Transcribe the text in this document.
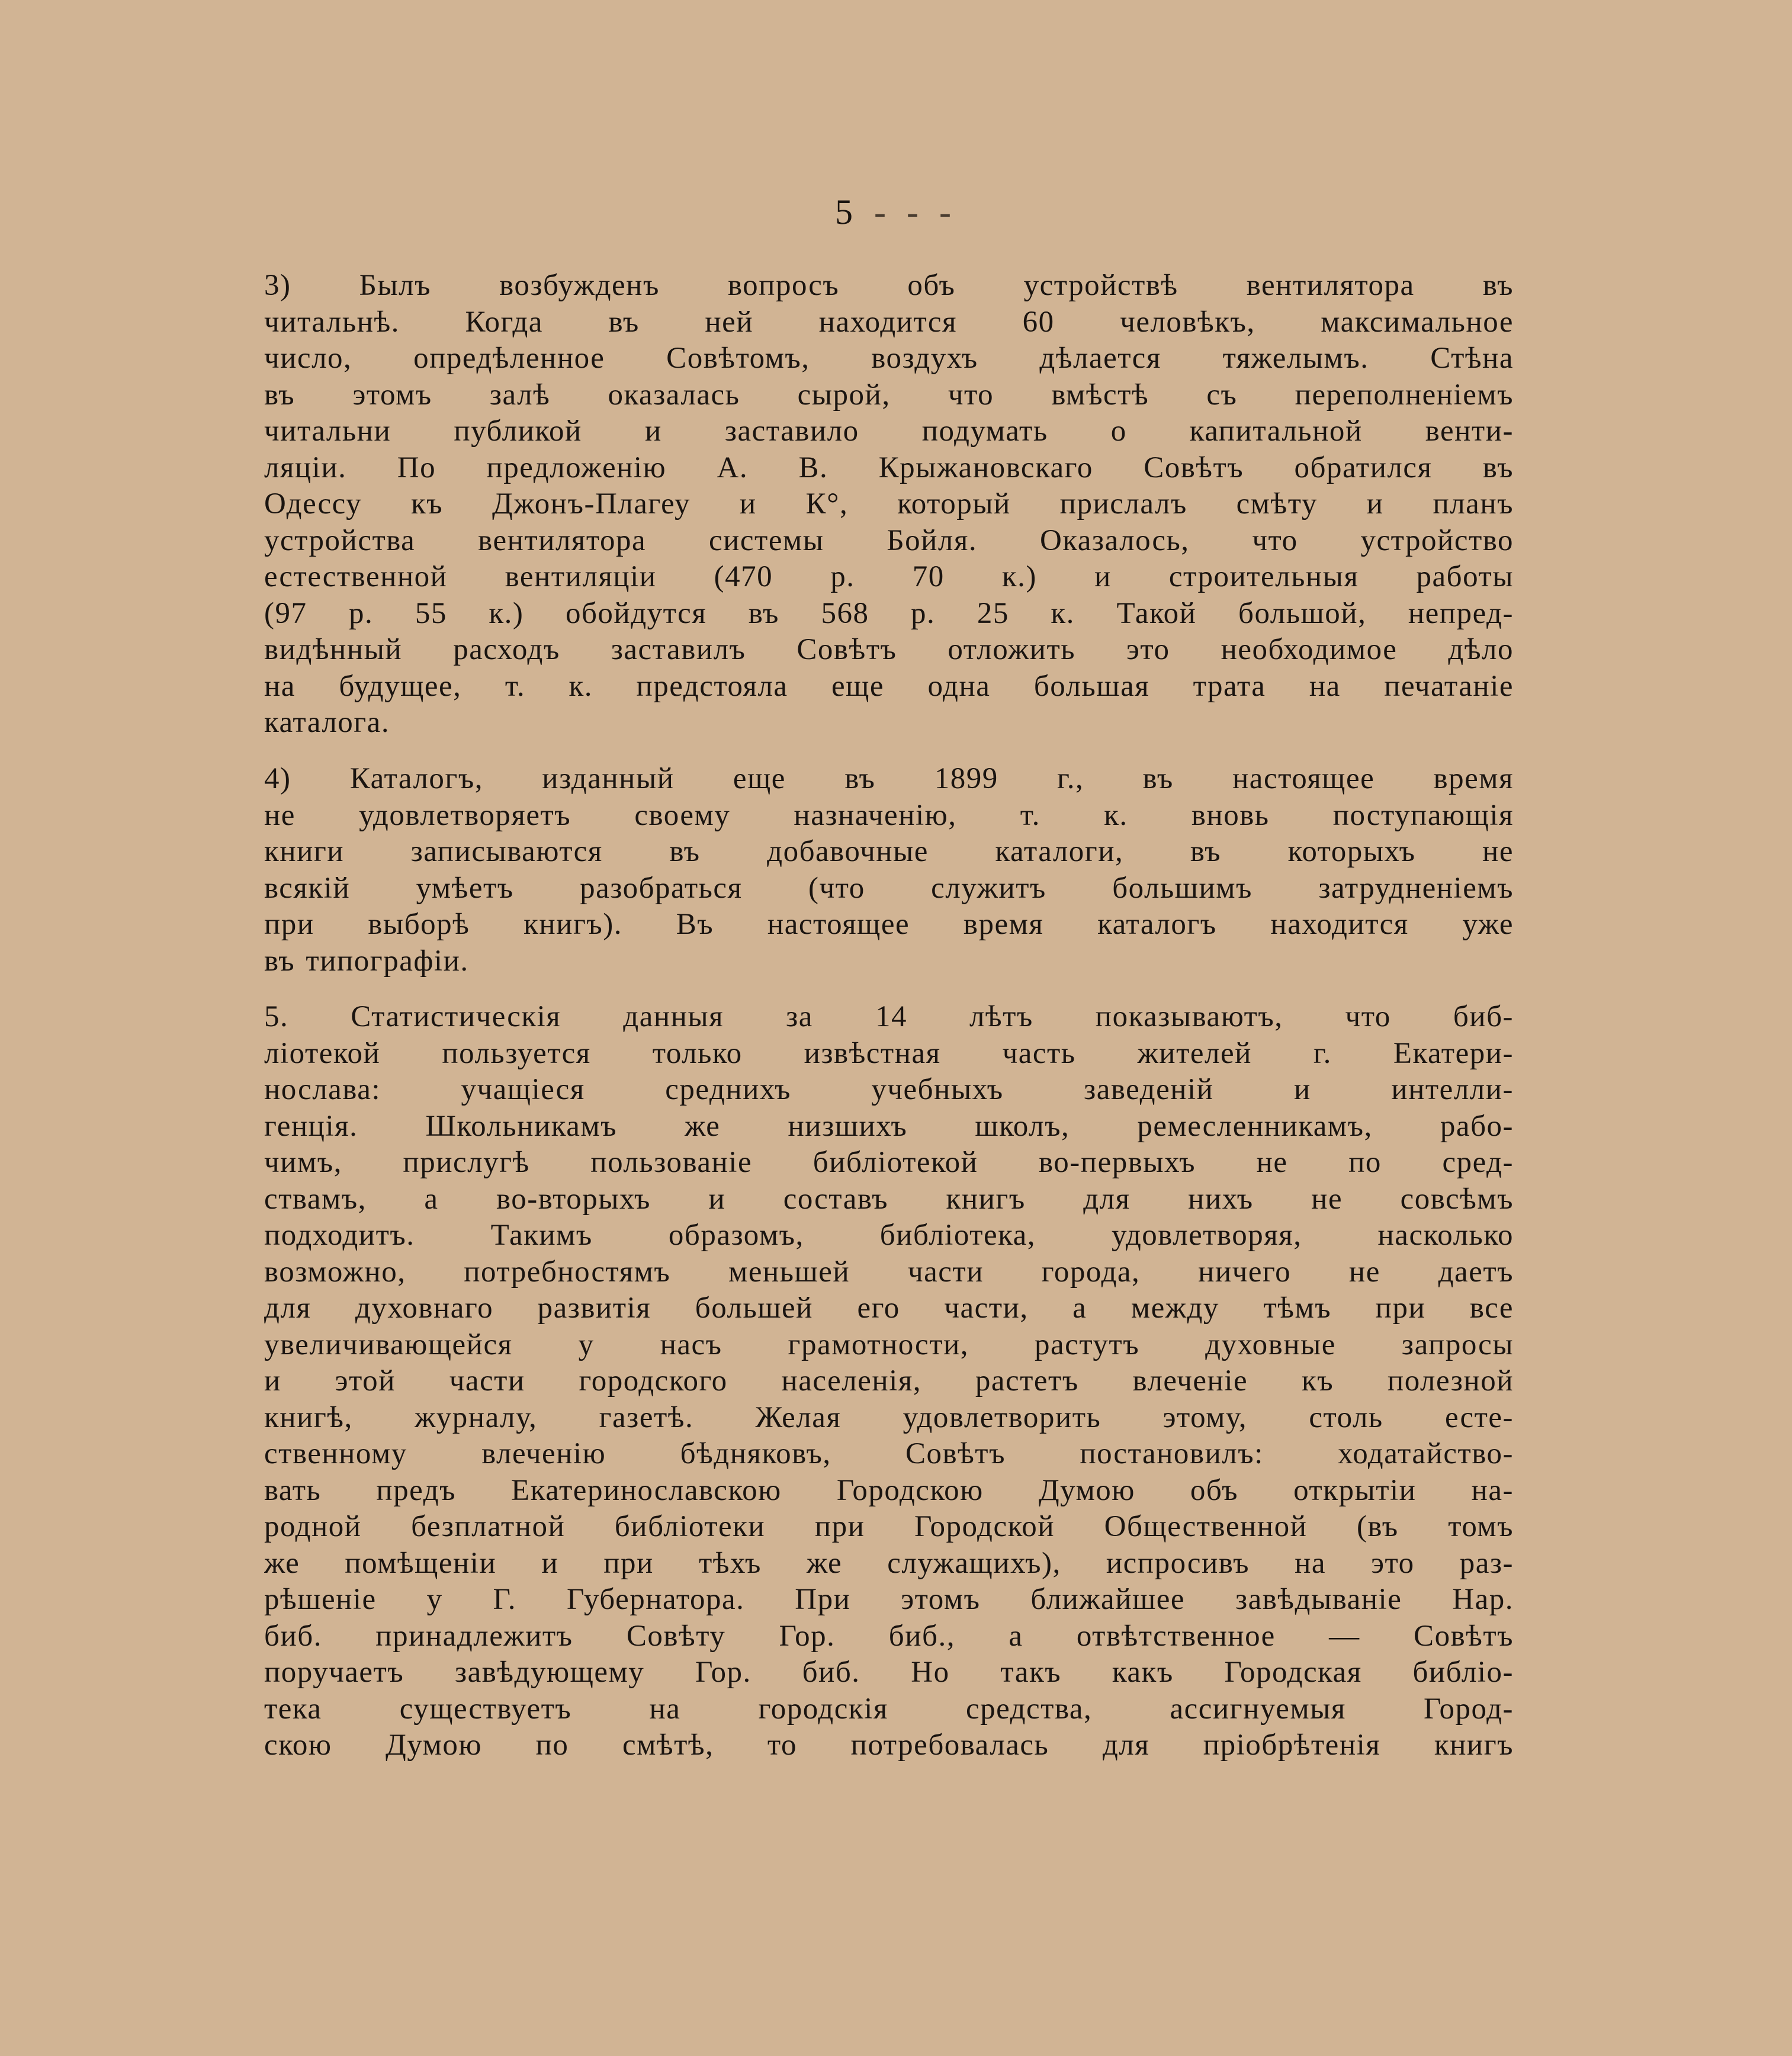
5 - - -
3) Былъ возбужденъ вопросъ объ устройствѣ вентилятора въ
читальнѣ. Когда въ ней находится 60 человѣкъ, максимальное
число, опредѣленное Совѣтомъ, воздухъ дѣлается тяжелымъ. Стѣна
въ этомъ залѣ оказалась сырой, что вмѣстѣ съ переполненіемъ
читальни публикой и заставило подумать о капитальной венти-
ляціи. По предложенію А. В. Крыжановскаго Совѣтъ обратился въ
Одессу къ Джонъ-Плагеу и К°, который прислалъ смѣту и планъ
устройства вентилятора системы Бойля. Оказалось, что устройство
естественной вентиляціи (470 р. 70 к.) и строительныя работы
(97 р. 55 к.) обойдутся въ 568 р. 25 к. Такой большой, непред-
видѣнный расходъ заставилъ Совѣтъ отложить это необходимое дѣло
на будущее, т. к. предстояла еще одна большая трата на печатаніе
каталога.
4) Каталогъ, изданный еще въ 1899 г., въ настоящее время
не удовлетворяетъ своему назначенію, т. к. вновь поступающія
книги записываются въ добавочные каталоги, въ которыхъ не
всякій умѣетъ разобраться (что служитъ большимъ затрудненіемъ
при выборѣ книгъ). Въ настоящее время каталогъ находится уже
въ типографіи.
5. Статистическія данныя за 14 лѣтъ показываютъ, что биб-
ліотекой пользуется только извѣстная часть жителей г. Екатери-
нослава: учащіеся среднихъ учебныхъ заведеній и интелли-
генція. Школьникамъ же низшихъ школъ, ремесленникамъ, рабо-
чимъ, прислугѣ пользованіе библіотекой во-первыхъ не по сред-
ствамъ, а во-вторыхъ и составъ книгъ для нихъ не совсѣмъ
подходитъ. Такимъ образомъ, библіотека, удовлетворяя, насколько
возможно, потребностямъ меньшей части города, ничего не даетъ
для духовнаго развитія большей его части, а между тѣмъ при все
увеличивающейся у насъ грамотности, растутъ духовные запросы
и этой части городского населенія, растетъ влеченіе къ полезной
книгѣ, журналу, газетѣ. Желая удовлетворить этому, столь есте-
ственному влеченію бѣдняковъ, Совѣтъ постановилъ: ходатайство-
вать предъ Екатеринославскою Городскою Думою объ открытіи на-
родной безплатной библіотеки при Городской Общественной (въ томъ
же помѣщеніи и при тѣхъ же служащихъ), испросивъ на это раз-
рѣшеніе у Г. Губернатора. При этомъ ближайшее завѣдываніе Нар.
биб. принадлежитъ Совѣту Гор. биб., а отвѣтственное — Совѣтъ
поручаетъ завѣдующему Гор. биб. Но такъ какъ Городская библіо-
тека существуетъ на городскія средства, ассигнуемыя Город-
скою Думою по смѣтѣ, то потребовалась для пріобрѣтенія книгъ
